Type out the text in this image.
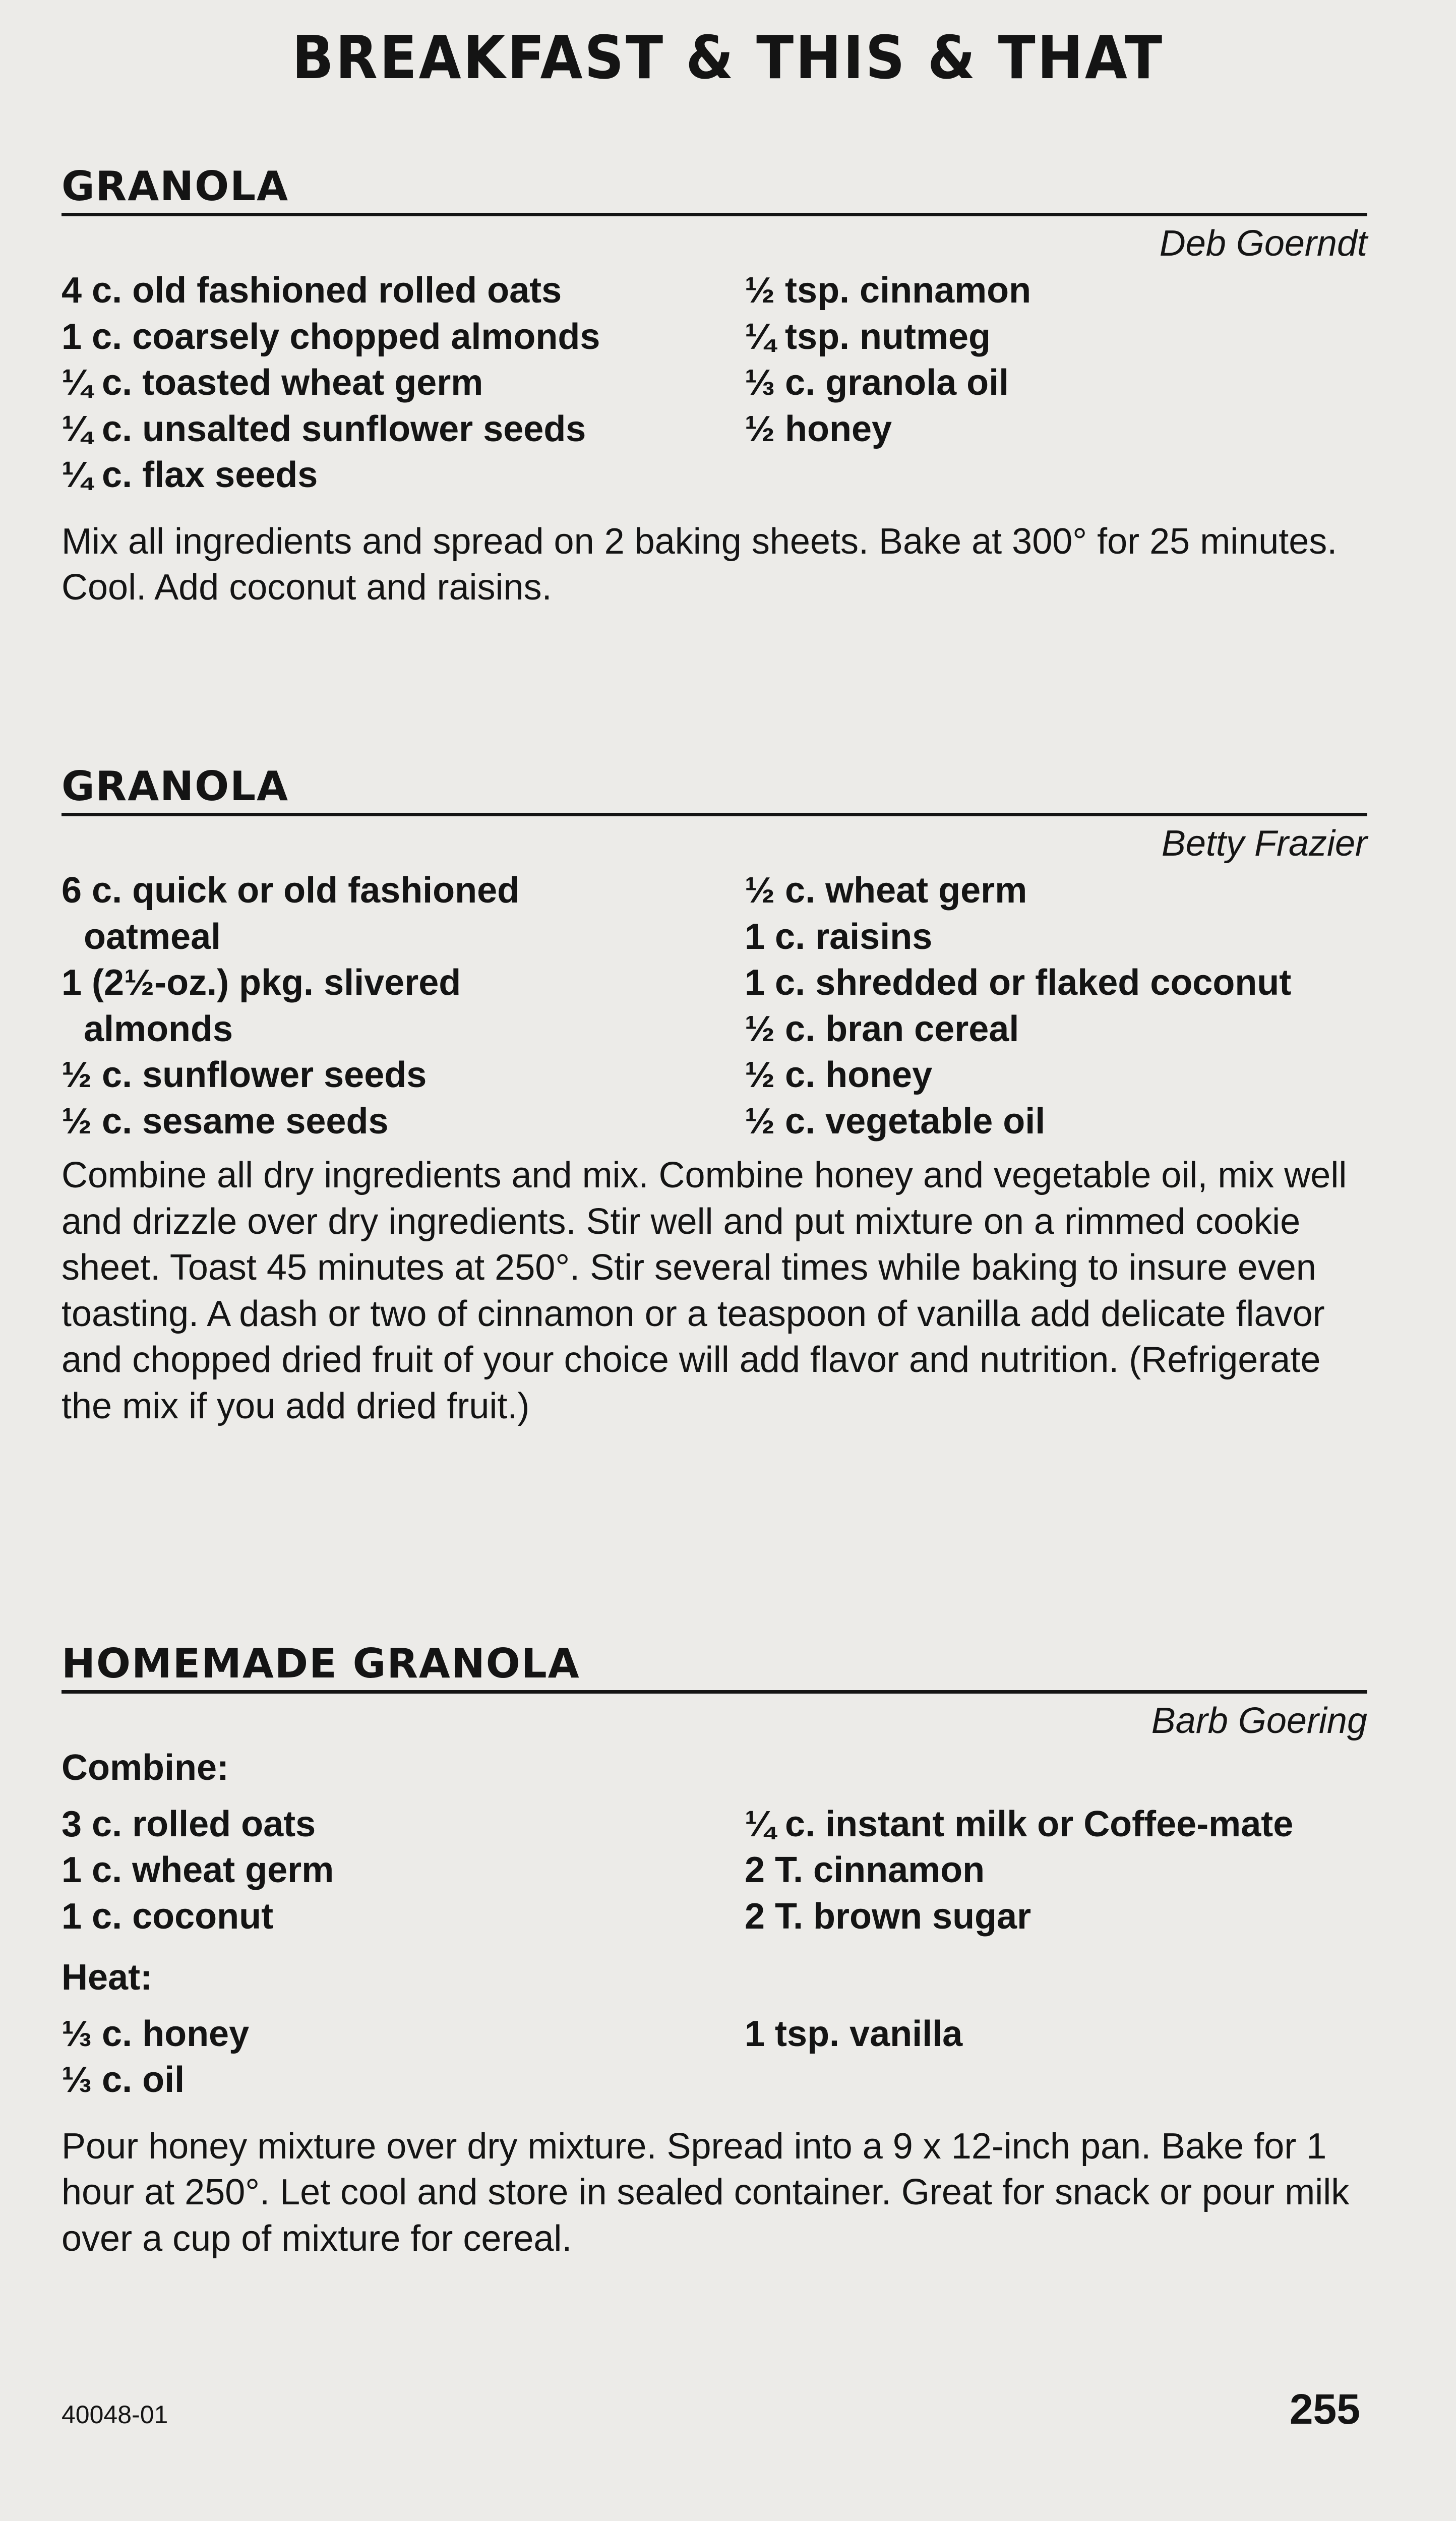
BREAKFAST & THIS & THAT
GRANOLA
Deb Goerndt
4 c. old fashioned rolled oats
1 c. coarsely chopped almonds
¼ c. toasted wheat germ
¼ c. unsalted sunflower seeds
¼ c. flax seeds
½ tsp. cinnamon
¼ tsp. nutmeg
⅓ c. granola oil
½ honey
Mix all ingredients and spread on 2 baking sheets. Bake at 300° for 25 minutes. Cool. Add coconut and raisins.
GRANOLA
Betty Frazier
6 c. quick or old fashioned oatmeal
1 (2½-oz.) pkg. slivered almonds
½ c. sunflower seeds
½ c. sesame seeds
½ c. wheat germ
1 c. raisins
1 c. shredded or flaked coconut
½ c. bran cereal
½ c. honey
½ c. vegetable oil
Combine all dry ingredients and mix. Combine honey and vegetable oil, mix well and drizzle over dry ingredients. Stir well and put mixture on a rimmed cookie sheet. Toast 45 minutes at 250°. Stir several times while baking to insure even toasting. A dash or two of cinnamon or a teaspoon of vanilla add delicate flavor and chopped dried fruit of your choice will add flavor and nutrition. (Refrigerate the mix if you add dried fruit.)
HOMEMADE GRANOLA
Barb Goering
Combine:
3 c. rolled oats
1 c. wheat germ
1 c. coconut
¼ c. instant milk or Coffee-mate
2 T. cinnamon
2 T. brown sugar
Heat:
⅓ c. honey
⅓ c. oil
1 tsp. vanilla
Pour honey mixture over dry mixture. Spread into a 9 x 12-inch pan. Bake for 1 hour at 250°. Let cool and store in sealed container. Great for snack or pour milk over a cup of mixture for cereal.
40048-01	255
